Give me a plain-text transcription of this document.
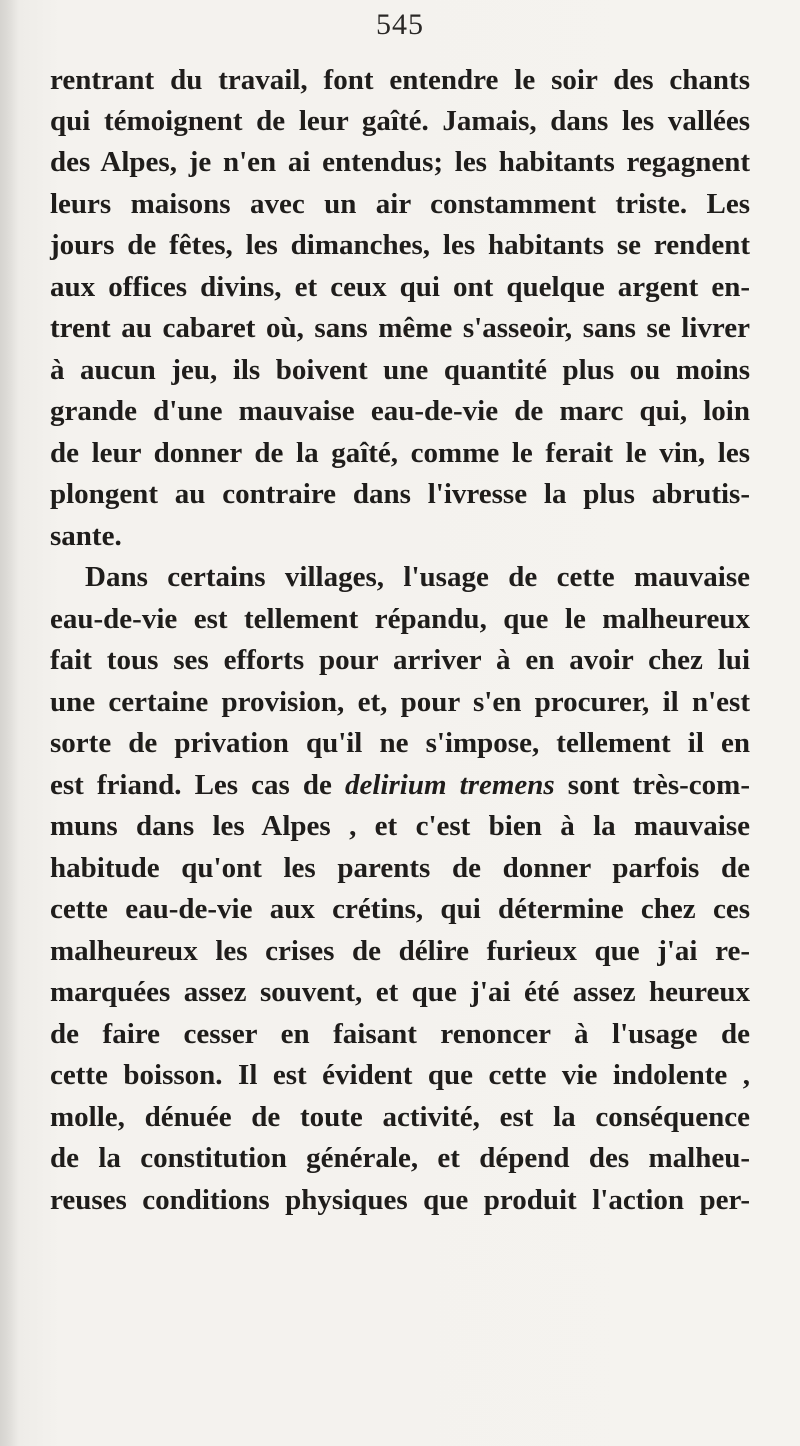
545
rentrant du travail, font entendre le soir des chants
qui témoignent de leur gaîté. Jamais, dans les vallées
des Alpes, je n'en ai entendus; les habitants regagnent
leurs maisons avec un air constamment triste. Les
jours de fêtes, les dimanches, les habitants se rendent
aux offices divins, et ceux qui ont quelque argent en-
trent au cabaret où, sans même s'asseoir, sans se livrer
à aucun jeu, ils boivent une quantité plus ou moins
grande d'une mauvaise eau-de-vie de marc qui, loin
de leur donner de la gaîté, comme le ferait le vin, les
plongent au contraire dans l'ivresse la plus abrutis-
sante.
Dans certains villages, l'usage de cette mauvaise
eau-de-vie est tellement répandu, que le malheureux
fait tous ses efforts pour arriver à en avoir chez lui
une certaine provision, et, pour s'en procurer, il n'est
sorte de privation qu'il ne s'impose, tellement il en
est friand. Les cas de delirium tremens sont très-com-
muns dans les Alpes , et c'est bien à la mauvaise
habitude qu'ont les parents de donner parfois de
cette eau-de-vie aux crétins, qui détermine chez ces
malheureux les crises de délire furieux que j'ai re-
marquées assez souvent, et que j'ai été assez heureux
de faire cesser en faisant renoncer à l'usage de
cette boisson. Il est évident que cette vie indolente ,
molle, dénuée de toute activité, est la conséquence
de la constitution générale, et dépend des malheu-
reuses conditions physiques que produit l'action per-
